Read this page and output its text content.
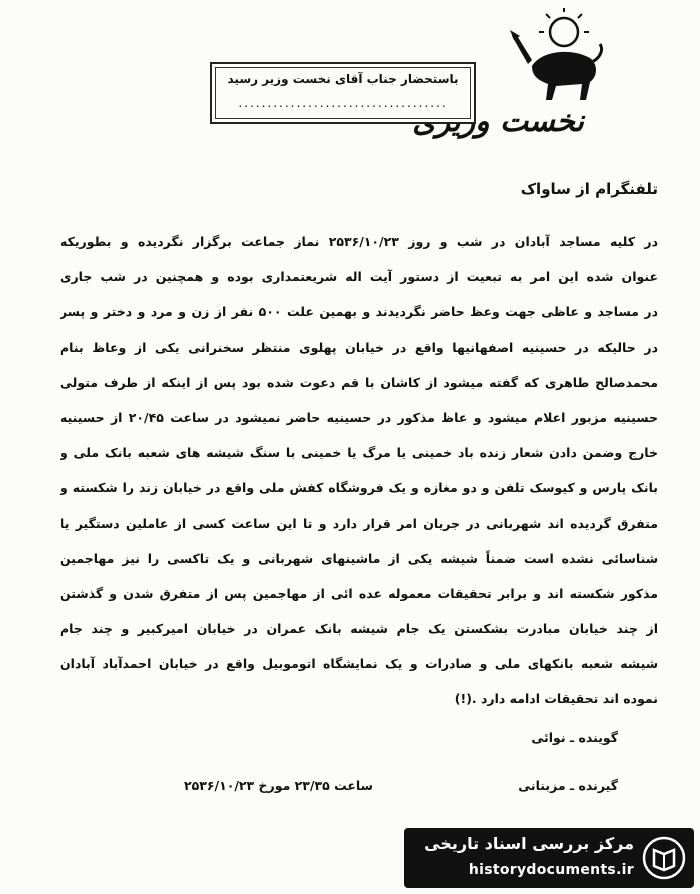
نخست وزیری
باستحضار جناب آقای نخست وزیر رسید
....................................
تلفنگرام از ساواک
در کلیه مساجد آبادان در شب و روز ۲۵۳۶/۱۰/۲۳ نماز جماعت برگزار نگردیده و بطوریکه
عنوان شده این امر به تبعیت از دستور آیت اله شریعتمداری بوده و همچنین در شب جاری
در مساجد و عاظی جهت وعظ حاضر نگردیدند و بهمین علت ۵۰۰ نفر از زن و مرد و دختر و پسر
در حالیکه در حسینیه اصفهانیها واقع در خیابان پهلوی منتظر سخنرانی یکی از وعاظ بنام
محمدصالح طاهری که گفته میشود از کاشان با قم دعوت شده بود پس از اینکه از طرف متولی
حسینیه مزبور اعلام میشود و عاظ مذکور در حسینیه حاضر نمیشود در ساعت ۲۰/۴۵ از حسینیه
خارج وضمن دادن شعار زنده باد خمینی یا مرگ یا خمینی با سنگ شیشه های شعبه بانک ملی و
بانک پارس و کیوسک تلفن و دو مغازه و یک فروشگاه کفش ملی واقع در خیابان زند را شکسته و
متفرق گردیده اند شهربانی در جریان امر قرار دارد و تا این ساعت کسی از عاملین دستگیر یا
شناسائی نشده است ضمناً شیشه یکی از ماشینهای شهربانی و یک تاکسی را نیز مهاجمین
مذکور شکسته اند و برابر تحقیقات معموله عده ائی از مهاجمین پس از متفرق شدن و گذشتن
از چند خیابان مبادرت بشکستن یک جام شیشه بانک عمران در خیابان امیرکبیر و چند جام
شیشه شعبه بانکهای ملی و صادرات و یک نمایشگاه اتوموبیل واقع در خیابان احمدآباد آبادان
نموده اند تحقیقات ادامه دارد .(!)
گوینده ـ نوائی
گیرنده ـ مزبنانی
ساعت ۲۳/۳۵ مورخ ۲۵۳۶/۱۰/۲۳
مرکز بررسی اسناد تاریخی
historydocuments.ir
